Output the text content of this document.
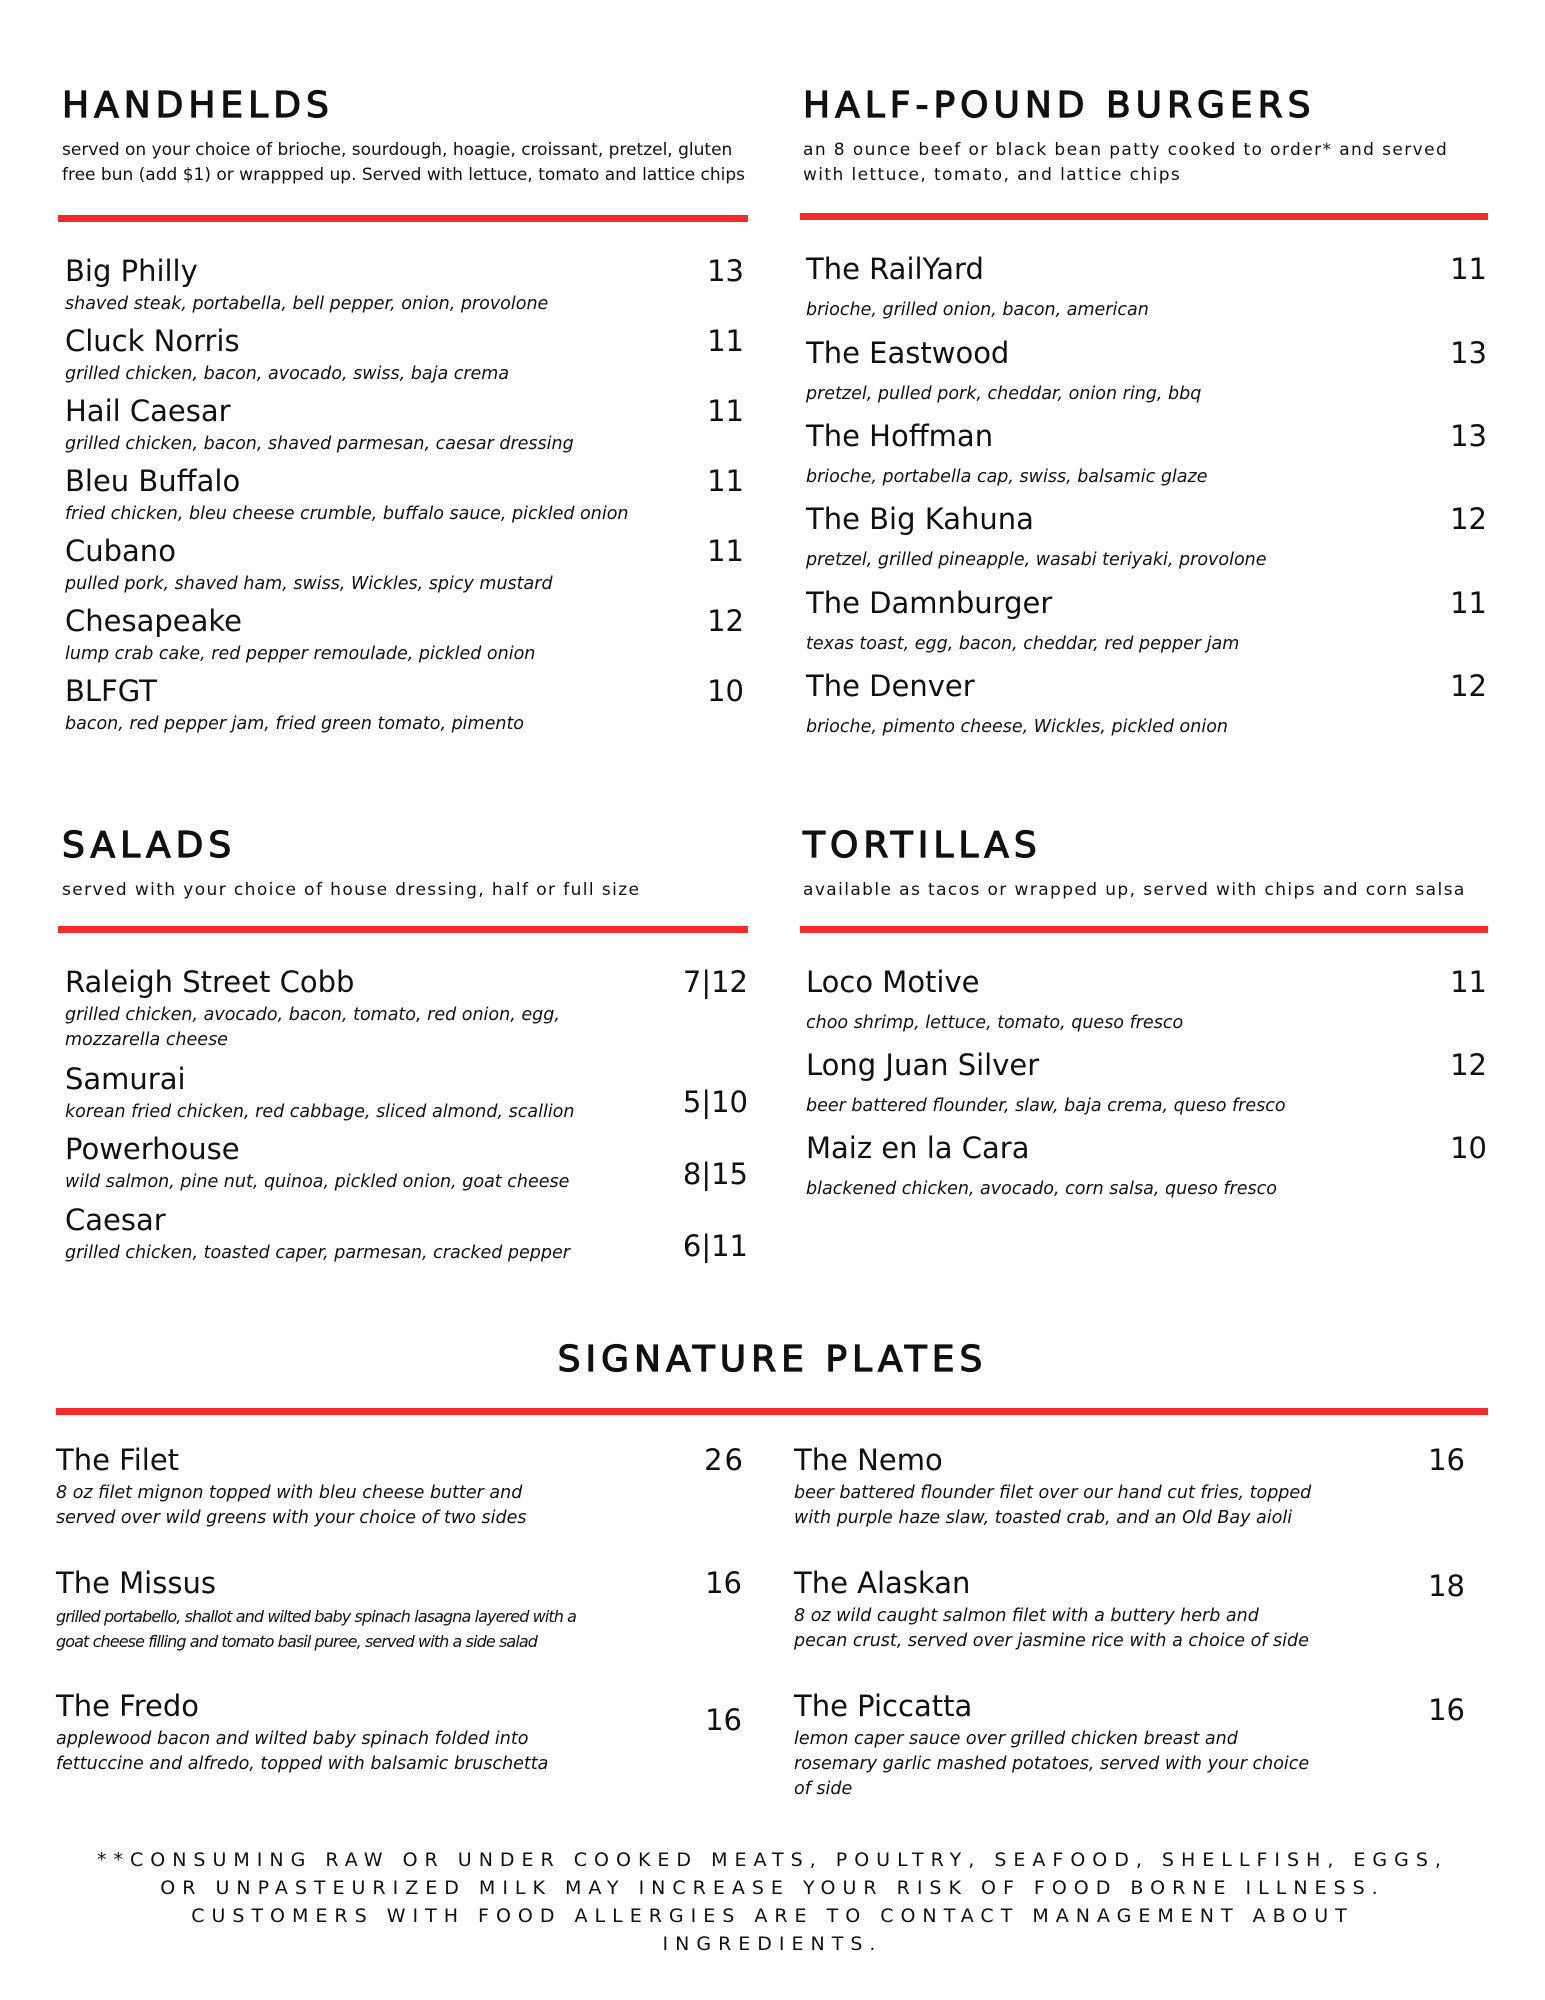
HANDHELDS
served on your choice of brioche, sourdough, hoagie, croissant, pretzel, gluten free bun (add $1) or wrappped up. Served with lettuce, tomato and lattice chips
Big Philly
shaved steak, portabella, bell pepper, onion, provolone
13
Cluck Norris
grilled chicken, bacon, avocado, swiss, baja crema
11
Hail Caesar
grilled chicken, bacon, shaved parmesan, caesar dressing
11
Bleu Buffalo
fried chicken, bleu cheese crumble, buffalo sauce, pickled onion
11
Cubano
pulled pork, shaved ham, swiss, Wickles, spicy mustard
11
Chesapeake
lump crab cake, red pepper remoulade, pickled onion
12
BLFGT
bacon, red pepper jam, fried green tomato, pimento
10
HALF-POUND BURGERS
an 8 ounce beef or black bean patty cooked to order* and served with lettuce, tomato, and lattice chips
The RailYard
brioche, grilled onion, bacon, american
11
The Eastwood
pretzel, pulled pork, cheddar, onion ring, bbq
13
The Hoffman
brioche, portabella cap, swiss, balsamic glaze
13
The Big Kahuna
pretzel, grilled pineapple, wasabi teriyaki, provolone
12
The Damnburger
texas toast, egg, bacon, cheddar, red pepper jam
11
The Denver
brioche, pimento cheese, Wickles, pickled onion
12
SALADS
served with your choice of house dressing, half or full size
Raleigh Street Cobb
grilled chicken, avocado, bacon, tomato, red onion, egg, mozzarella cheese
7|12
Samurai
korean fried chicken, red cabbage, sliced almond, scallion	5|10
Powerhouse
wild salmon, pine nut, quinoa, pickled onion, goat cheese	8|15
Caesar
grilled chicken, toasted caper, parmesan, cracked pepper	6|11
TORTILLAS
available as tacos or wrapped up, served with chips and corn salsa
Loco Motive
choo shrimp, lettuce, tomato, queso fresco
11
Long Juan Silver
beer battered flounder, slaw, baja crema, queso fresco
12
Maiz en la Cara
blackened chicken, avocado, corn salsa, queso fresco
10
SIGNATURE PLATES
The Filet
8 oz filet mignon topped with bleu cheese butter and served over wild greens with your choice of two sides
26
The Missus
grilled portabello, shallot and wilted baby spinach lasagna layered with a goat cheese filling and tomato basil puree, served with a side salad
16
The Fredo
applewood bacon and wilted baby spinach folded into fettuccine and alfredo, topped with balsamic bruschetta
16
The Nemo
beer battered flounder filet over our hand cut fries, topped with purple haze slaw, toasted crab, and an Old Bay aioli
16
The Alaskan
8 oz wild caught salmon filet with a buttery herb and pecan crust, served over jasmine rice with a choice of side
18
The Piccatta
lemon caper sauce over grilled chicken breast and rosemary garlic mashed potatoes, served with your choice of side
16

**CONSUMING RAW OR UNDER COOKED MEATS, POULTRY, SEAFOOD, SHELLFISH, EGGS, OR UNPASTEURIZED MILK MAY INCREASE YOUR RISK OF FOOD BORNE ILLNESS. CUSTOMERS WITH FOOD ALLERGIES ARE TO CONTACT MANAGEMENT ABOUT INGREDIENTS.
